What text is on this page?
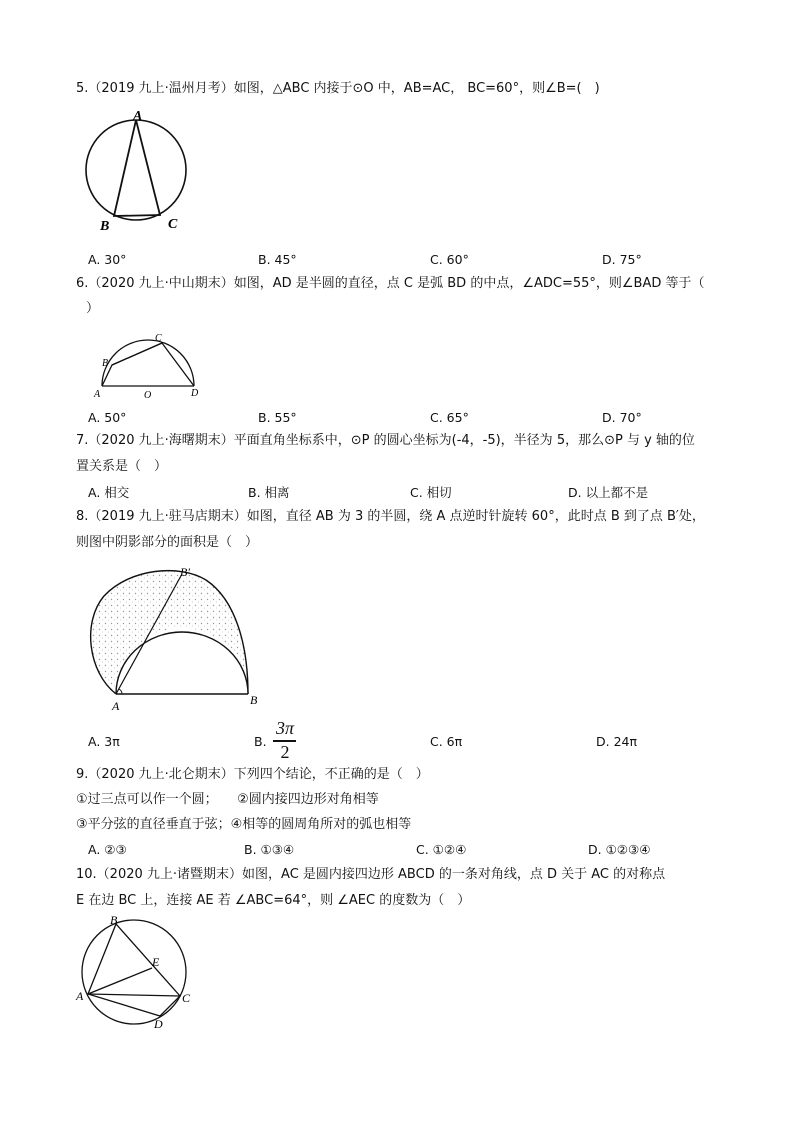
5.（2019 九上·温州月考）如图，△ABC 内接于⊙O 中，AB=AC， BC=60°，则∠B=(　)
A
B	C
A. 30°	B. 45°	C. 60°	D. 75°
6.（2020 九上·中山期末）如图，AD 是半圆的直径，点 C 是弧 BD 的中点，∠ADC=55°，则∠BAD 等于（
）
C
B
A	O	D
A. 50°	B. 55°	C. 65°	D. 70°
7.（2020 九上·海曙期末）平面直角坐标系中，⊙P 的圆心坐标为(-4，-5)，半径为 5，那么⊙P 与 y 轴的位
置关系是（　）
A. 相交	B. 相离	C. 相切	D. 以上都不是
8.（2019 九上·驻马店期末）如图，直径 AB 为 3 的半圆，绕 A 点逆时针旋转 60°，此时点 B 到了点 B′处，
则图中阴影部分的面积是（　）
B′
A	B
A. 3π	B.
3π
2
C. 6π	D. 24π
9.（2020 九上·北仑期末）下列四个结论，不正确的是（　）
①过三点可以作一个圆；　　②圆内接四边形对角相等
③平分弦的直径垂直于弦；④相等的圆周角所对的弧也相等
A. ②③	B. ①③④	C. ①②④	D. ①②③④
10.（2020 九上·诸暨期末）如图，AC 是圆内接四边形 ABCD 的一条对角线，点 D 关于 AC 的对称点
E 在边 BC 上，连接 AE 若 ∠ABC=64°，则 ∠AEC 的度数为（　）
B
E
A	C
D
